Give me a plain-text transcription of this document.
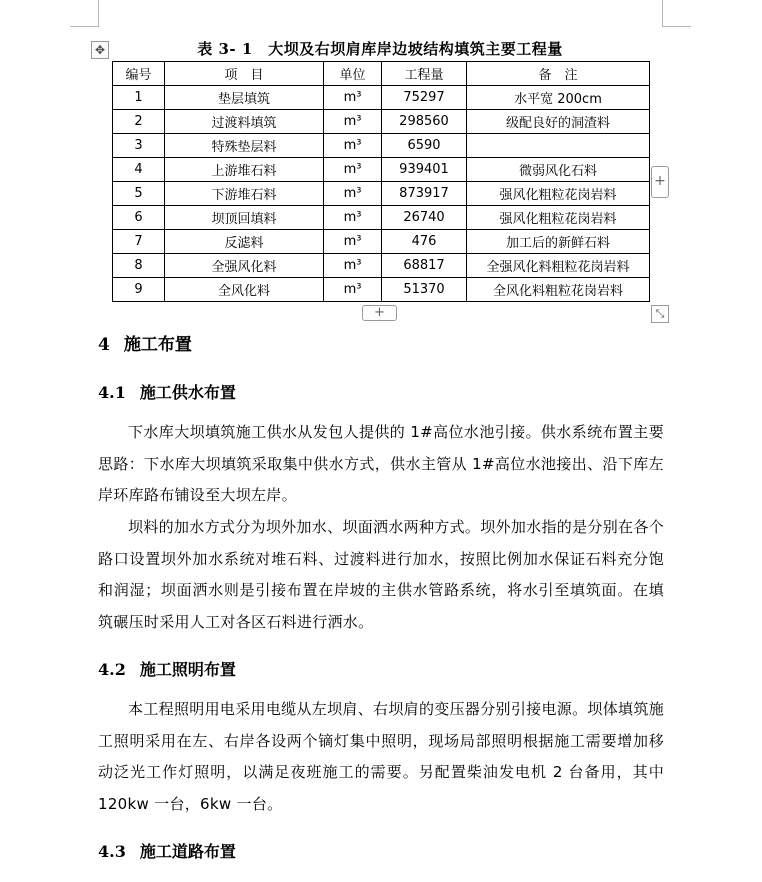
✥	表 3- 1　大坝及右坝肩库岸边坡结构填筑主要工程量
编号	项　目	单位	工程量	备　注
1	垫层填筑	m³	75297	水平宽 200cm
2	过渡料填筑	m³	298560	级配良好的洞渣料
3	特殊垫层料	m³	6590	
4	上游堆石料	m³	939401	微弱风化石料
5	下游堆石料	m³	873917	强风化粗粒花岗岩料
6	坝顶回填料	m³	26740	强风化粗粒花岗岩料
7	反滤料	m³	476	加工后的新鲜石料
8	全强风化料	m³	68817	全强风化料粗粒花岗岩料
9	全风化料	m³	51370	全风化料粗粒花岗岩料
+
+	⤡
4 施工布置
4.1 施工供水布置

下水库大坝填筑施工供水从发包人提供的 1#高位水池引接。供水系统布置主要思路：下水库大坝填筑采取集中供水方式，供水主管从 1#高位水池接出、沿下库左岸环库路布铺设至大坝左岸。

坝料的加水方式分为坝外加水、坝面洒水两种方式。坝外加水指的是分别在各个路口设置坝外加水系统对堆石料、过渡料进行加水，按照比例加水保证石料充分饱和润湿；坝面洒水则是引接布置在岸坡的主供水管路系统，将水引至填筑面。在填筑碾压时采用人工对各区石料进行洒水。

4.2 施工照明布置

本工程照明用电采用电缆从左坝肩、右坝肩的变压器分别引接电源。坝体填筑施工照明采用在左、右岸各设两个镝灯集中照明，现场局部照明根据施工需要增加移动泛光工作灯照明，以满足夜班施工的需要。另配置柴油发电机 2 台备用，其中 120kw 一台，6kw 一台。

4.3 施工道路布置
